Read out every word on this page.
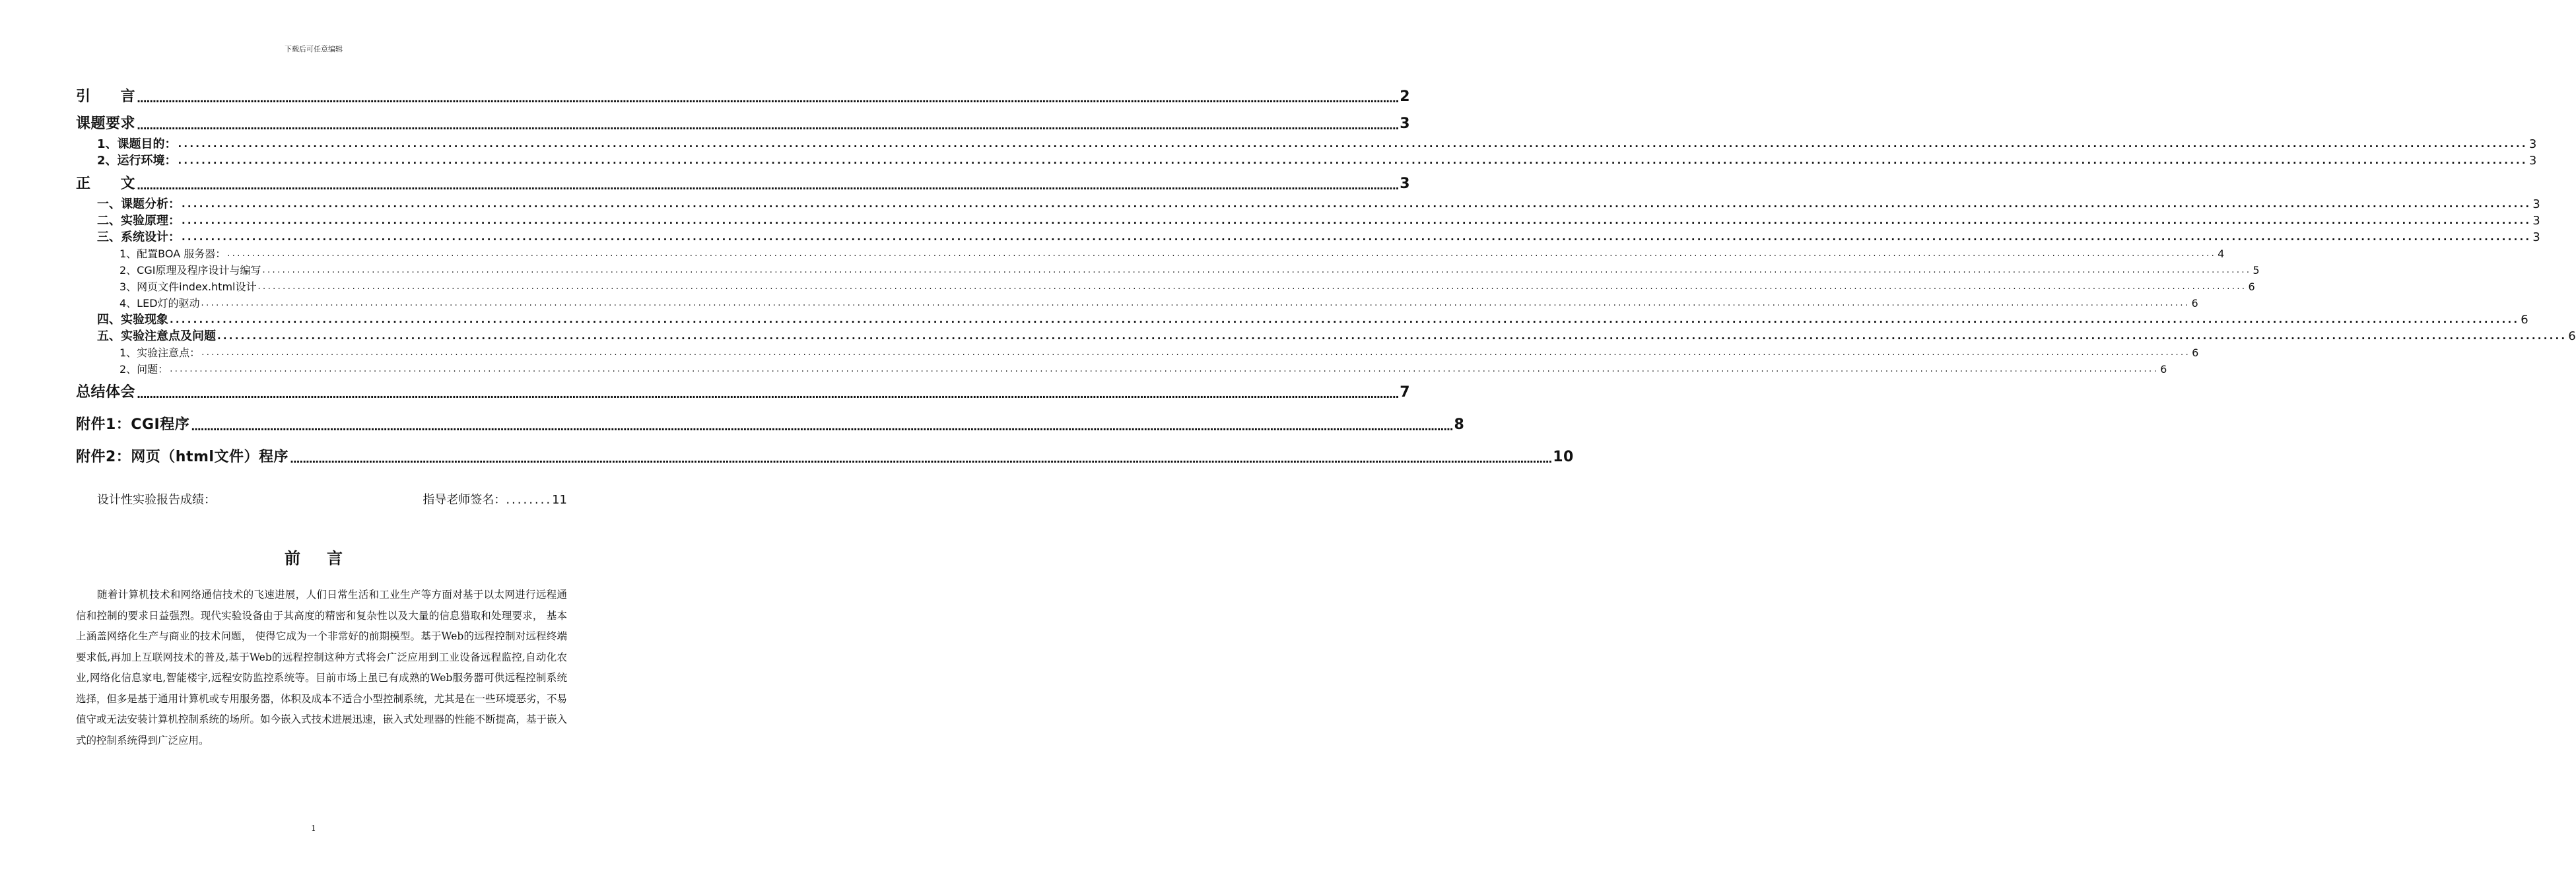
下载后可任意编辑
引　　言 ................................................................................................................................................................................................................................................................................................................................................................................................................ 2
课题要求 ................................................................................................................................................................................................................................................................................................................................................................................................................ 3
1、课题目的： ................................................................................................................................................................................................................................................................................................................................................................................................................ 3
2、运行环境： ................................................................................................................................................................................................................................................................................................................................................................................................................ 3
正　　文 ................................................................................................................................................................................................................................................................................................................................................................................................................ 3
一、课题分析： ................................................................................................................................................................................................................................................................................................................................................................................................................ 3
二、实验原理： ................................................................................................................................................................................................................................................................................................................................................................................................................ 3
三、系统设计： ................................................................................................................................................................................................................................................................................................................................................................................................................ 3
1、配置BOA 服务器： ................................................................................................................................................................................................................................................................................................................................................................................................................ 4
2、CGI原理及程序设计与编写 ................................................................................................................................................................................................................................................................................................................................................................................................................ 5
3、网页文件index.html设计 ................................................................................................................................................................................................................................................................................................................................................................................................................ 6
4、LED灯的驱动 ................................................................................................................................................................................................................................................................................................................................................................................................................ 6
四、实验现象 ................................................................................................................................................................................................................................................................................................................................................................................................................ 6
五、实验注意点及问题 ................................................................................................................................................................................................................................................................................................................................................................................................................ 6
1、实验注意点： ................................................................................................................................................................................................................................................................................................................................................................................................................ 6
2、问题： ................................................................................................................................................................................................................................................................................................................................................................................................................ 6
总结体会 ................................................................................................................................................................................................................................................................................................................................................................................................................ 7
附件1：CGI程序 ................................................................................................................................................................................................................................................................................................................................................................................................................ 8
附件2：网页（html文件）程序 ................................................................................................................................................................................................................................................................................................................................................................................................................ 10
设计性实验报告成绩：	指导老师签名：........11
前言
随着计算机技术和网络通信技术的飞速进展，人们日常生活和工业生产等方面对基于以太网进行远程通信和控制的要求日益强烈。现代实验设备由于其高度的精密和复杂性以及大量的信息猎取和处理要求， 基本上涵盖网络化生产与商业的技术问题， 使得它成为一个非常好的前期模型。基于Web的远程控制对远程终端要求低,再加上互联网技术的普及,基于Web的远程控制这种方式将会广泛应用到工业设备远程监控,自动化农业,网络化信息家电,智能楼宇,远程安防监控系统等。目前市场上虽已有成熟的Web服务器可供远程控制系统选择，但多是基于通用计算机或专用服务器，体积及成本不适合小型控制系统，尤其是在一些环境恶劣，不易值守或无法安装计算机控制系统的场所。如今嵌入式技术进展迅速，嵌入式处理器的性能不断提高，基于嵌入式的控制系统得到广泛应用。
1
